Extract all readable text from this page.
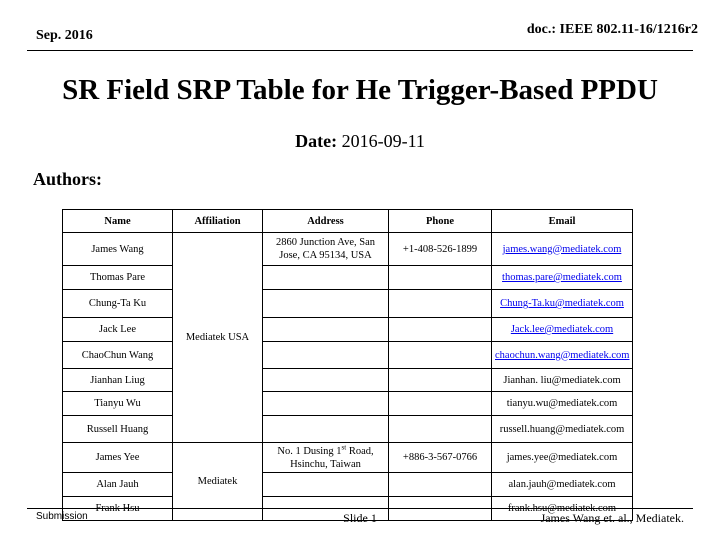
Sep. 2016	doc.: IEEE 802.11-16/1216r2
SR Field SRP Table for He Trigger-Based PPDU
Date: 2016-09-11
Authors:
Name	Affiliation	Address	Phone	Email
James Wang	Mediatek USA	2860 Junction Ave, San Jose, CA 95134, USA	+1-408-526-1899	james.wang@mediatek.com
Thomas Pare				thomas.pare@mediatek.com
Chung-Ta Ku				Chung-Ta.ku@mediatek.com
Jack Lee				Jack.lee@mediatek.com
ChaoChun Wang				chaochun.wang@mediatek.com
Jianhan Liug				Jianhan. liu@mediatek.com
Tianyu Wu				tianyu.wu@mediatek.com
Russell Huang				russell.huang@mediatek.com
James Yee	Mediatek	No. 1 Dusing 1st Road, Hsinchu, Taiwan	+886-3-567-0766	james.yee@mediatek.com
Alan Jauh				alan.jauh@mediatek.com
Frank Hsu				frank.hsu@mediatek.com
Submission	Slide 1	James Wang et. al., Mediatek.
